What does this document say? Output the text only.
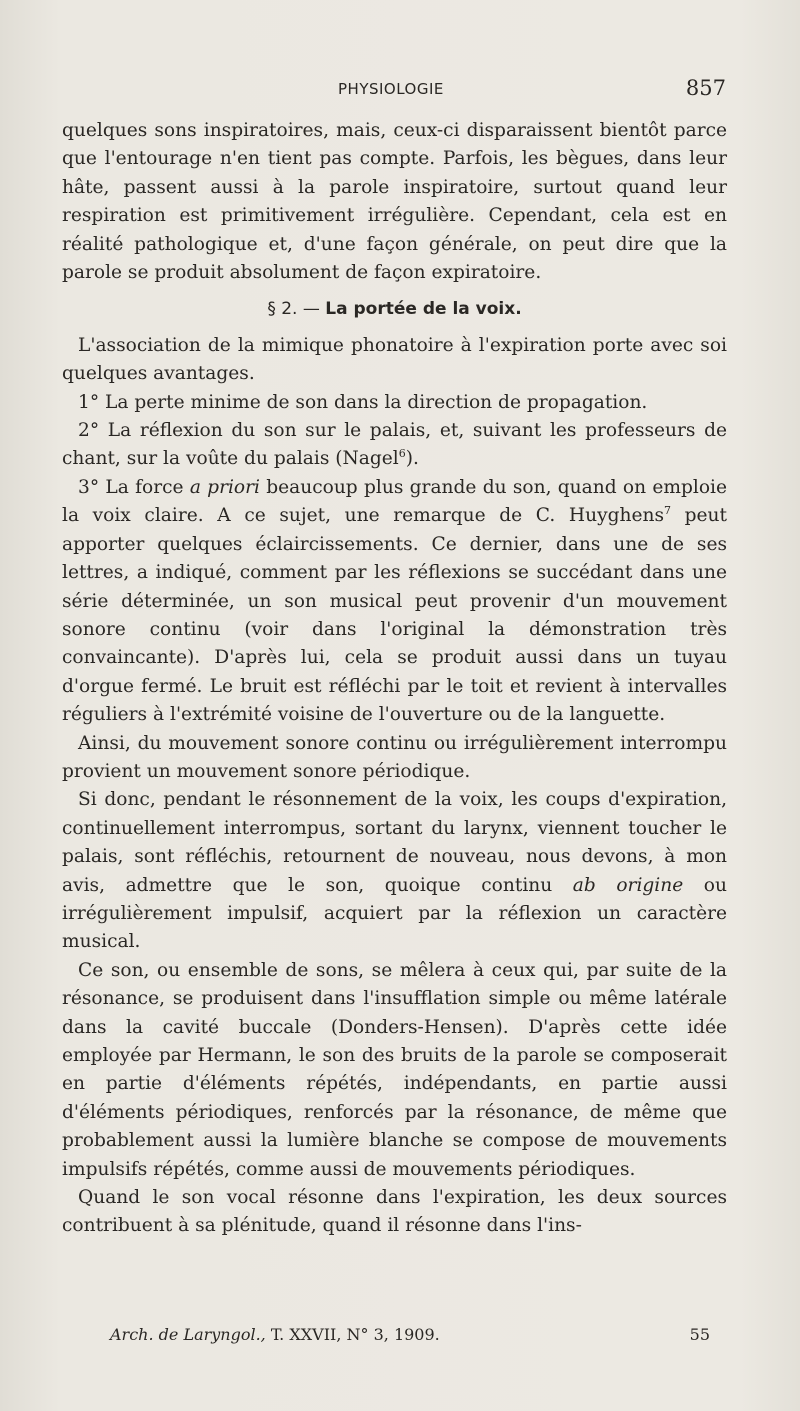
PHYSIOLOGIE	857

quelques sons inspiratoires, mais, ceux-ci disparaissent bientôt parce que l'entourage n'en tient pas compte. Parfois, les bègues, dans leur hâte, passent aussi à la parole inspiratoire, surtout quand leur respiration est primitivement irrégulière. Cependant, cela est en réalité pathologique et, d'une façon générale, on peut dire que la parole se produit absolument de façon expiratoire.

§ 2. — La portée de la voix.

L'association de la mimique phonatoire à l'expiration porte avec soi quelques avantages.

1° La perte minime de son dans la direction de propagation.

2° La réflexion du son sur le palais, et, suivant les professeurs de chant, sur la voûte du palais (Nagel$^6$).

3° La force a priori beaucoup plus grande du son, quand on emploie la voix claire. A ce sujet, une remarque de C. Huyghens$^7$ peut apporter quelques éclaircissements. Ce dernier, dans une de ses lettres, a indiqué, comment par les réflexions se succédant dans une série déterminée, un son musical peut provenir d'un mouvement sonore continu (voir dans l'original la démonstration très convaincante). D'après lui, cela se produit aussi dans un tuyau d'orgue fermé. Le bruit est réfléchi par le toit et revient à intervalles réguliers à l'extrémité voisine de l'ouverture ou de la languette.

Ainsi, du mouvement sonore continu ou irrégulièrement interrompu provient un mouvement sonore périodique.

Si donc, pendant le résonnement de la voix, les coups d'expiration, continuellement interrompus, sortant du larynx, viennent toucher le palais, sont réfléchis, retournent de nouveau, nous devons, à mon avis, admettre que le son, quoique continu ab origine ou irrégulièrement impulsif, acquiert par la réflexion un caractère musical.

Ce son, ou ensemble de sons, se mêlera à ceux qui, par suite de la résonance, se produisent dans l'insufflation simple ou même latérale dans la cavité buccale (Donders-Hensen). D'après cette idée employée par Hermann, le son des bruits de la parole se composerait en partie d'éléments répétés, indépendants, en partie aussi d'éléments périodiques, renforcés par la résonance, de même que probablement aussi la lumière blanche se compose de mouvements impulsifs répétés, comme aussi de mouvements périodiques.

Quand le son vocal résonne dans l'expiration, les deux sources contribuent à sa plénitude, quand il résonne dans l'ins-

Arch. de Laryngol., T. XXVII, N° 3, 1909.	55
